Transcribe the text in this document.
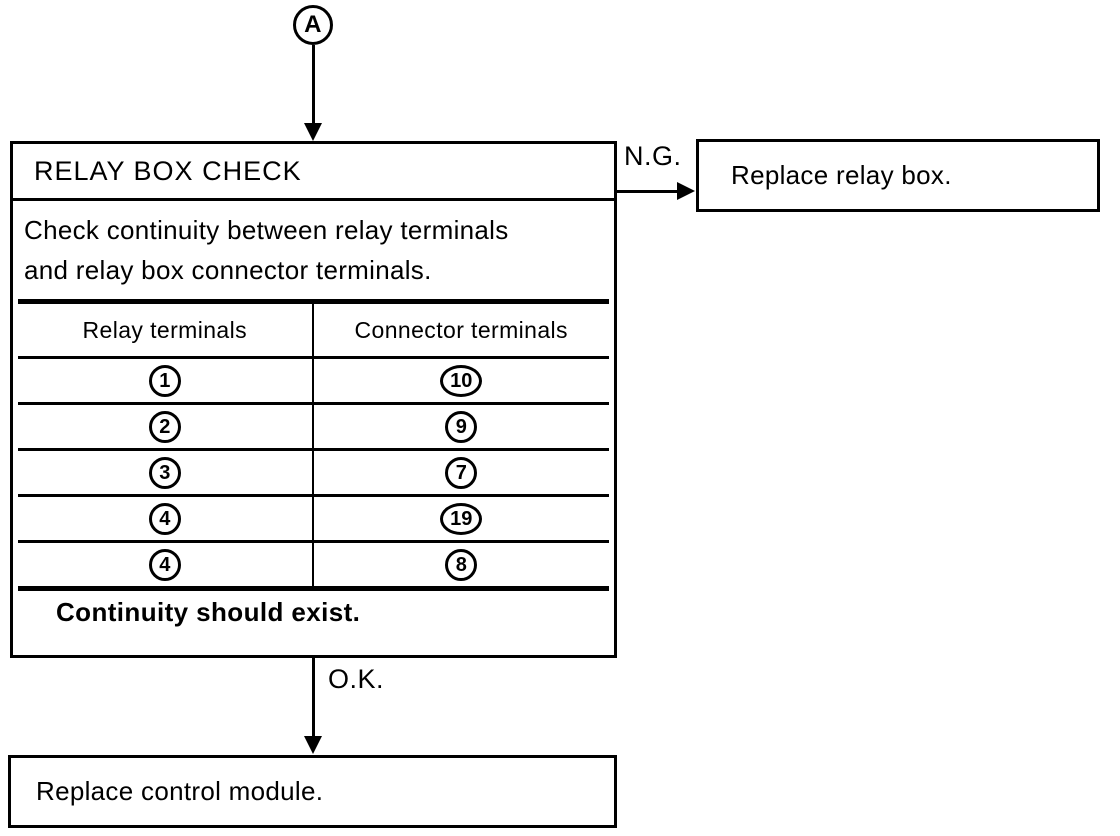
A
RELAY BOX CHECK
Check continuity between relay terminals
and relay box connector terminals.
Relay terminals	Connector terminals
1	10
2	9
3	7
4	19
4	8
Continuity should exist.
N.G.
Replace relay box.
O.K.
Replace control module.
